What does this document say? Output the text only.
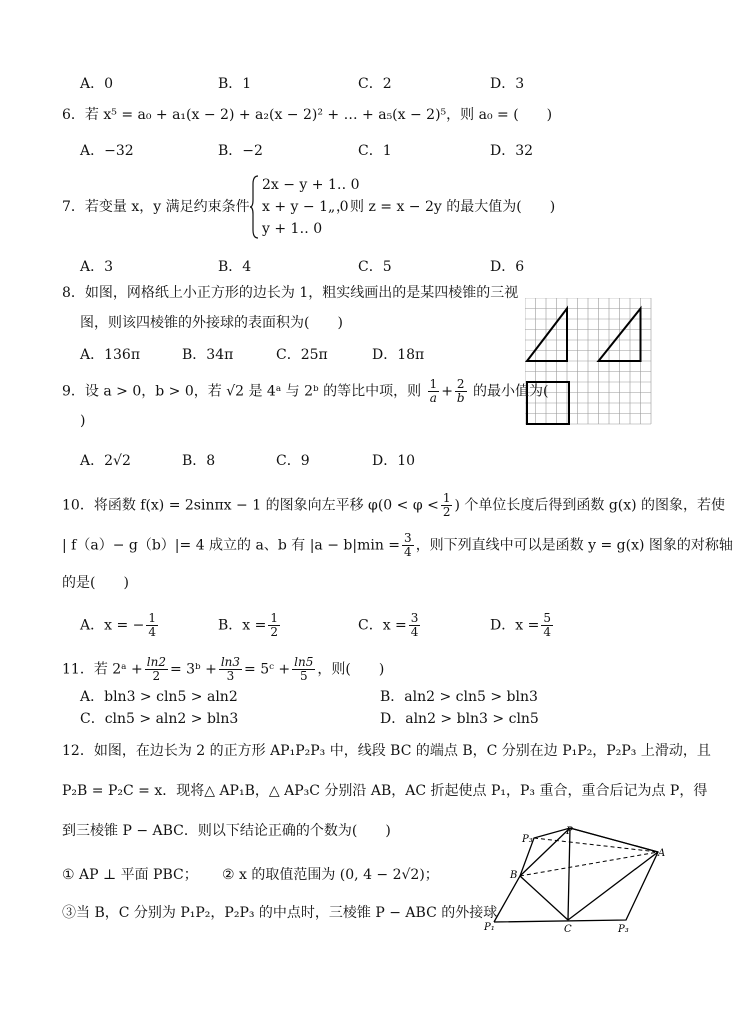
A．0	B．1	C．2	D．3
6．若 x⁵ = a₀ + a₁(x − 2) + a₂(x − 2)² + … + a₅(x − 2)⁵，则 a₀ = (　　)
A．−32	B．−2	C．1	D．32
7．若变量 x，y 满足约束条件
2x − y + 1‥ 0
x + y − 1„ 0
y + 1‥ 0
，则 z = x − 2y 的最大值为(　　)
A．3	B．4	C．5	D．6
8．如图，网格纸上小正方形的边长为 1，粗实线画出的是某四棱锥的三视
图，则该四棱锥的外接球的表面积为(　　)
A．136π	B．34π	C．25π	D．18π
9．设 a > 0，b > 0，若 √2 是 4ᵃ 与 2ᵇ 的等比中项，则 $\frac{1}{a} + \frac{2}{b}$ 的最小值为(
)
A．2√2	B．8	C．9	D．10
10．将函数 f(x) = 2sinπx − 1 的图象向左平移 $\varphi(0 < \varphi < \frac{1}{2}$ ) 个单位长度后得到函数 g(x) 的图象，若使
| f（a）− g（b）|= 4 成立的 a、b 有 $|a - b|\min = \frac{3}{4}$ ，则下列直线中可以是函数 y = g(x) 图象的对称轴
的是(　　)
A．x = − $\frac{1}{4}$	B．$x = \frac{1}{2}$	C．$x = \frac{3}{4}$	D．$x = \frac{5}{4}$
11．若 2ᵃ + $\frac{\ln 2}{2}$ = 3ᵇ + $\frac{\ln 3}{3}$ = 5ᶜ + $\frac{\ln 5}{5}$ ，则(　　)
A．bln3 > cln5 > aln2	B．aln2 > cln5 > bln3
C．cln5 > aln2 > bln3	D．aln2 > bln3 > cln5
12．如图，在边长为 2 的正方形 AP₁P₂P₃ 中，线段 BC 的端点 B，C 分别在边 P₁P₂，P₂P₃ 上滑动，且
P₂B = P₂C = x．现将△ AP₁B，△ AP₃C 分别沿 AB，AC 折起使点 P₁，P₃ 重合，重合后记为点 P，得
到三棱锥 P − ABC．则以下结论正确的个数为(　　)
① AP ⊥ 平面 PBC； ② x 的取值范围为 (0, 4 − 2√2)；
③当 B，C 分别为 P₁P₂，P₂P₃ 的中点时，三棱锥 P − ABC 的外接球
P
P₃
A
B
C
P₁	P₃
